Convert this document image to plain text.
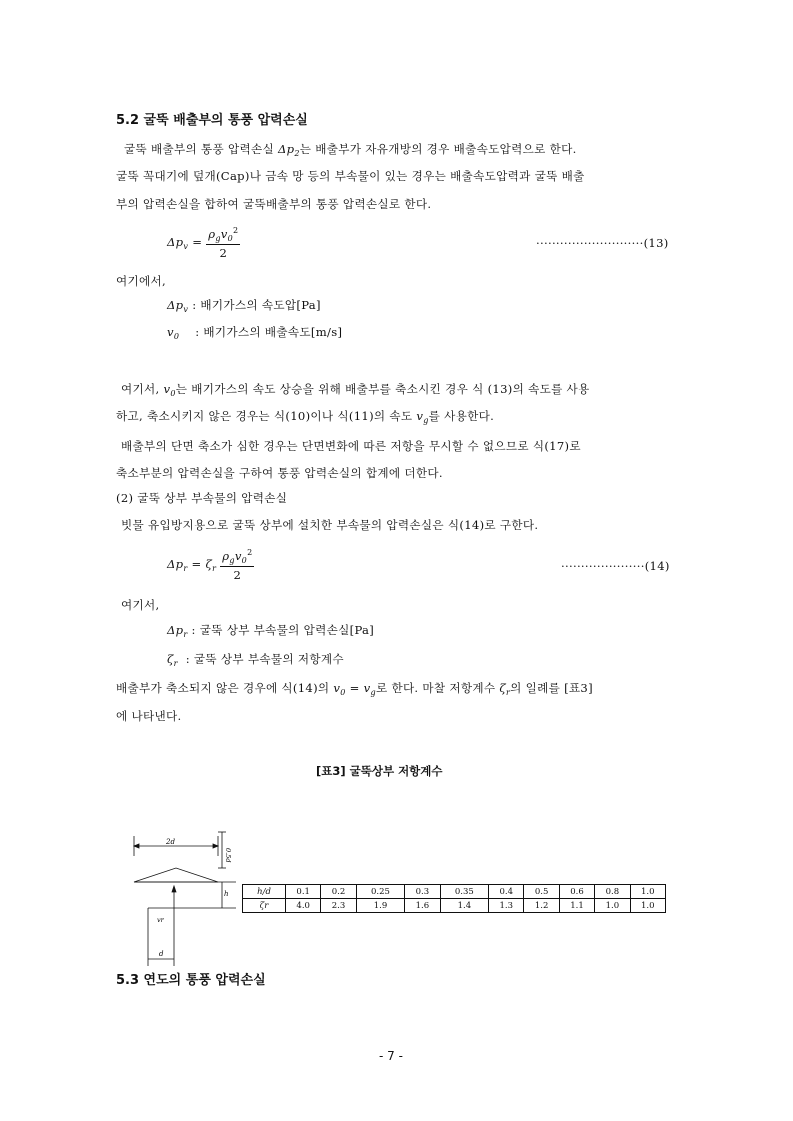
5.2 굴뚝 배출부의 통풍 압력손실
굴뚝 배출부의 통풍 압력손실 $\Delta p_2$는 배출부가 자유개방의 경우 배출속도압력으로 한다.
굴뚝 꼭대기에 덮개(Cap)나 금속 망 등의 부속물이 있는 경우는 배출속도압력과 굴뚝 배출
부의 압력손실을 합하여 굴뚝배출부의 통풍 압력손실로 한다.
$\Delta p_v = \frac{\rho_gv_0^2}{2}$	···························(13)
여기에서,
$\Delta p_v$ : 배기가스의 속도압[Pa]
$v_0$    : 배기가스의 배출속도[m/s]
여기서, $v_0$는 배기가스의 속도 상승을 위해 배출부를 축소시킨 경우 식 (13)의 속도를 사용
하고, 축소시키지 않은 경우는 식(10)이나 식(11)의 속도 $v_g$를 사용한다.
배출부의 단면 축소가 심한 경우는 단면변화에 따른 저항을 무시할 수 없으므로 식(17)로
축소부분의 압력손실을 구하여 통풍 압력손실의 합계에 더한다.
(2) 굴뚝 상부 부속물의 압력손실
빗물 유입방지용으로 굴뚝 상부에 설치한 부속물의 압력손실은 식(14)로 구한다.
$\Delta p_r = \zeta_r \frac{\rho_gv_0^2}{2}$	·····················(14)
여기서,
$\Delta p_r$ : 굴뚝 상부 부속물의 압력손실[Pa]
$\zeta_r$  : 굴뚝 상부 부속물의 저항계수
배출부가 축소되지 않은 경우에 식(14)의 $v_0 = v_g$로 한다. 마찰 저항계수 $\zeta_r$의 일례를 [표3]
에 나타낸다.
[표3] 굴뚝상부 저항계수
2d
0.5d
h
vr
d
h/d	0.1	0.2	0.25	0.3	0.35	0.4	0.5	0.6	0.8	1.0
ζr	4.0	2.3	1.9	1.6	1.4	1.3	1.2	1.1	1.0	1.0
5.3 연도의 통풍 압력손실
- 7 -
